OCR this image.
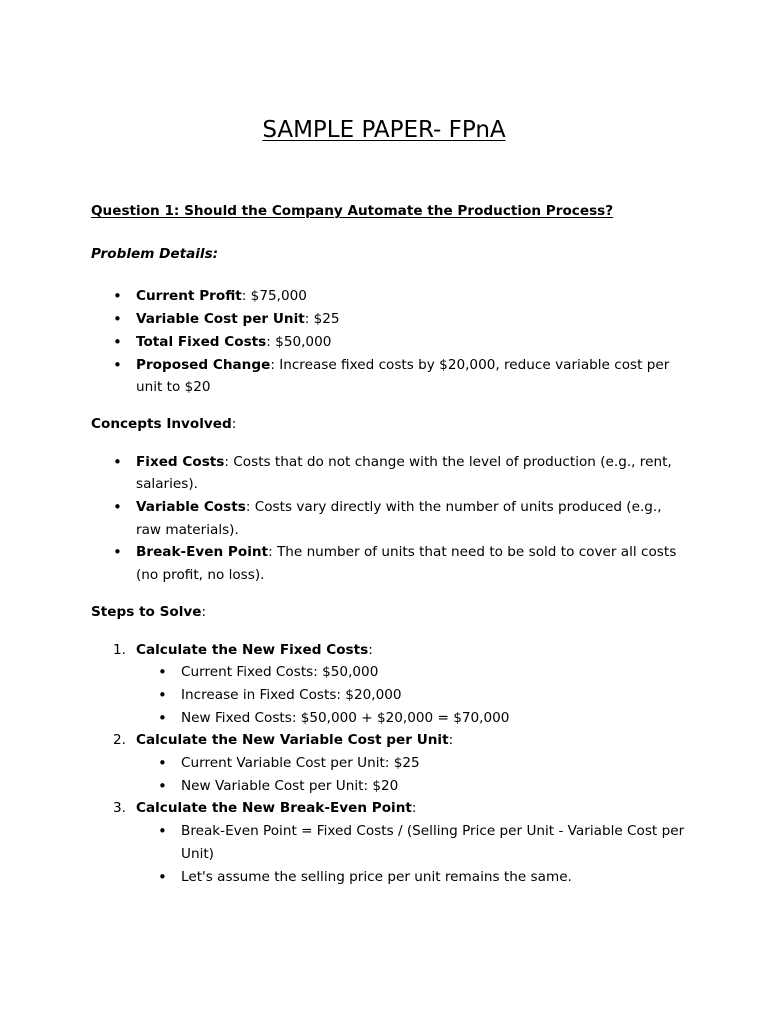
SAMPLE PAPER- FPnA

Question 1: Should the Company Automate the Production Process?

Problem Details:

• Current Profit: $75,000
• Variable Cost per Unit: $25
• Total Fixed Costs: $50,000
• Proposed Change: Increase fixed costs by $20,000, reduce variable cost per unit to $20

Concepts Involved:

• Fixed Costs: Costs that do not change with the level of production (e.g., rent, salaries).
• Variable Costs: Costs vary directly with the number of units produced (e.g., raw materials).
• Break-Even Point: The number of units that need to be sold to cover all costs (no profit, no loss).

Steps to Solve:

1. Calculate the New Fixed Costs:
• Current Fixed Costs: $50,000
• Increase in Fixed Costs: $20,000
• New Fixed Costs: $50,000 + $20,000 = $70,000
2. Calculate the New Variable Cost per Unit:
• Current Variable Cost per Unit: $25
• New Variable Cost per Unit: $20
3. Calculate the New Break-Even Point:
• Break-Even Point = Fixed Costs / (Selling Price per Unit - Variable Cost per Unit)
• Let's assume the selling price per unit remains the same.
